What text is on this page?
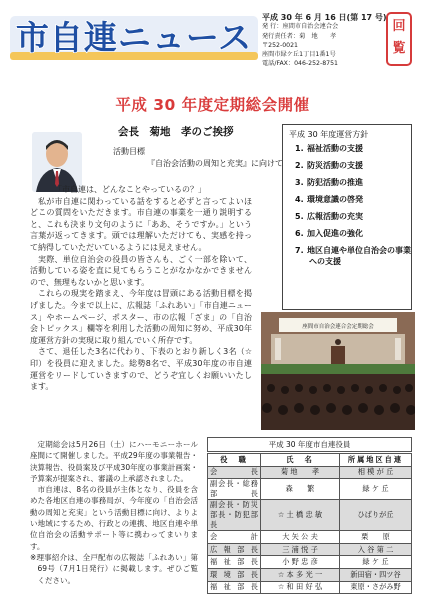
市自連ニュース
平成 30 年 6 月 16 日(第 17 号)
発 行：座間市自治会連合会
発行責任者：菊　地　　孝
〒252-0021
座間市緑ケ丘1丁目1番1号
電話/FAX：046-252-8751
回
覧
平成 30 年度定期総会開催
会長　菊地　孝のご挨拶
活動目標
『自治会活動の周知と充実』に向けて

「市自連は、どんなことやっているの？」

私が市自連に関わっている話をすると必ずと言ってよいほどこの質問をいただきます。市自連の事業を一通り説明すると、これも決まり文句のように「ああ、そうですか。」という言葉が返ってきます。頭では理解いただけても、実感を持って納得していただいているようには見えません。

実際、単位自治会の役員の皆さんも、ごく一部を除いて、活動している姿を直に見てもらうことがなかなかできませんので、無理もないかと思います。

これらの現実を踏まえ、今年度は冒頭にある活動目標を掲げました。今まで以上に、広報誌「ふれあい」「市自連ニュース」やホームページ、ポスター、市の広報「ざま」の「自治会トピックス」欄等を利用した活動の周知に努め、平成30年度運営方針の実現に取り組んでいく所存です。

さて、退任した3名に代わり、下表のとおり新しく3名（☆印）を役員に迎えました。総勢8名で、平成30年度の市自連運営をリードしていきますので、どうぞ宜しくお願いいたします。

平成 30 年度運営方針
1. 福祉活動の支援
2. 防災活動の支援
3. 防犯活動の推進
4. 環境意識の啓発
5. 広報活動の充実
6. 加入促進の強化
7. 地区自連や単位自治会の事業への支援
座間市自治会連合会定期総会

定期総会は5月26日（土）にハーモニーホール座間にて開催しました。平成29年度の事業報告・決算報告、役員案及び平成30年度の事業計画案・予算案が提案され、審議の上承認されました。

市自連は、8名の役員が主体となり、役員を含めた各地区自連の事務局が、今年度の「自治会活動の周知と充実」という活動目標に向け、よりよい地域にするため、行政との連携、地区自連や単位自治会の活動サポート等に携わってまいります。

※理事紹介は、全戸配布の広報誌「ふれあい」第69号（7月1日発行）に掲載します。ぜひご覧ください。

平成 30 年度市自連役員
役　職	氏　名	所属地区自連
会長	菊 地　　孝	相 模 が 丘
副会長・総務部長	森　　繁	緑 ケ 丘
副会長・防災部長・防犯部長	☆ 土 橋 忠 敏	ひばりが丘
会計	大 矢 公 夫	栗　　原
広報部長	三 浦 悦 子	入 谷 第 二
福祉部長	小 野 忠 彦	緑 ケ 丘
環境部長	☆ 本 多 光 一	新田宿・四ツ谷
福祉部長	☆ 和 田 好 弘	東原・さがみ野
